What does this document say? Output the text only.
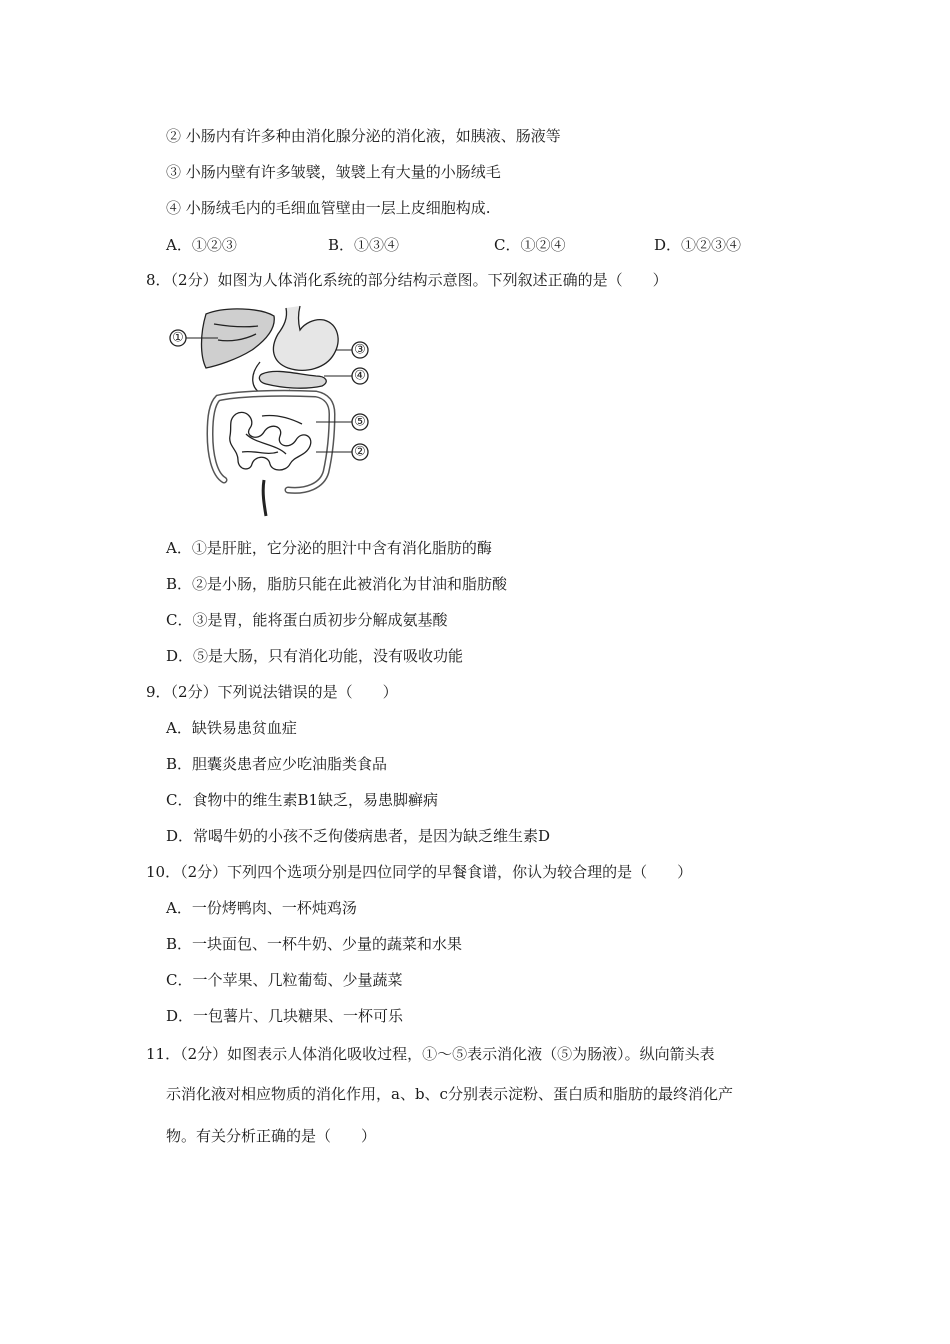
② 小肠内有许多种由消化腺分泌的消化液，如胰液、肠液等
③ 小肠内壁有许多皱襞，皱襞上有大量的小肠绒毛
④ 小肠绒毛内的毛细血管壁由一层上皮细胞构成.
A．①②③	B．①③④	C．①②④	D．①②③④
8．（2分）如图为人体消化系统的部分结构示意图。下列叙述正确的是（　　）
①
③
④
⑤
②
A．①是肝脏，它分泌的胆汁中含有消化脂肪的酶
B．②是小肠，脂肪只能在此被消化为甘油和脂肪酸
C．③是胃，能将蛋白质初步分解成氨基酸
D．⑤是大肠，只有消化功能，没有吸收功能
9．（2分）下列说法错误的是（　　）
A．缺铁易患贫血症
B．胆囊炎患者应少吃油脂类食品
C．食物中的维生素B1缺乏，易患脚癣病
D．常喝牛奶的小孩不乏佝偻病患者，是因为缺乏维生素D
10．（2分）下列四个选项分别是四位同学的早餐食谱，你认为较合理的是（　　）
A．一份烤鸭肉、一杯炖鸡汤
B．一块面包、一杯牛奶、少量的蔬菜和水果
C．一个苹果、几粒葡萄、少量蔬菜
D．一包薯片、几块糖果、一杯可乐
11．（2分）如图表示人体消化吸收过程，①～⑤表示消化液（⑤为肠液）。纵向箭头表
示消化液对相应物质的消化作用，a、b、c分别表示淀粉、蛋白质和脂肪的最终消化产
物。有关分析正确的是（　　）
